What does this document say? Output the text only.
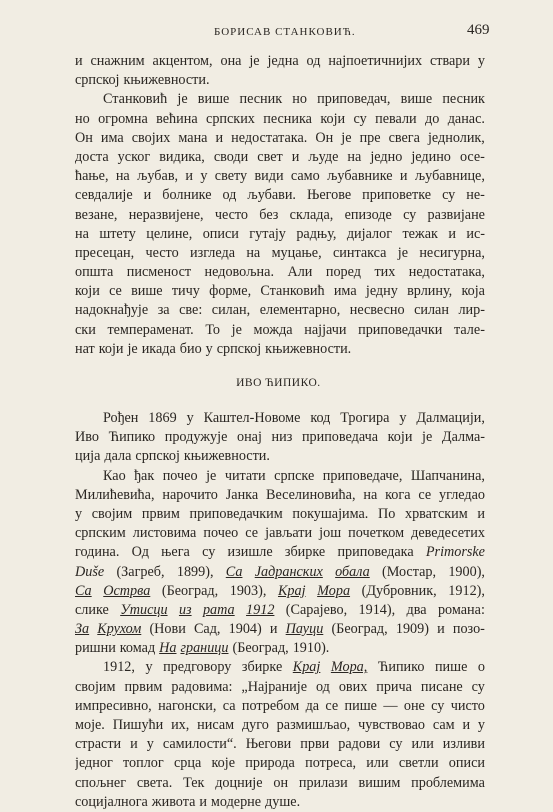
БОРИСАВ СТАНКОВИЋ.	469
и снажним акцентом, она је једна од најпоетичнијих ствари у
српској књижевности.
Станковић је више песник но приповедач, више песник
но огромна већина српских песника који су певали до данас.
Он има својих мана и недостатака. Он је пре свега једнолик,
доста уског видика, своди свет и људе на једно једино осе-
ћање, на љубав, и у свету види само љубавнике и љубавнице,
севдалије и болнике од љубави. Његове приповетке су не-
везане, неразвијене, често без склада, епизоде су развијане
на штету целине, описи гутају радњу, дијалог тежак и ис-
пресецан, често изгледа на муцање, синтакса је несигурна,
општа писменост недовољна. Али поред тих недостатака,
који се више тичу форме, Станковић има једну врлину, која
надокнађује за све: силан, елементарно, несвесно силан лир-
ски темпераменат. То је можда најјачи приповедачки тале-
нат који је икада био у српској књижевности.
ИВО ЋИПИКО.
Рођен 1869 у Каштел-Новоме код Трогира у Далмацији,
Иво Ћипико продужује онај низ приповедача који је Далма-
ција дала српској књижевности.
Као ђак почео је читати српске приповедаче, Шапчанина,
Милићевића, нарочито Јанка Веселиновића, на кога се угледао
у својим првим приповедачким покушајима. По хрватским и
српским листовима почео се јављати још почетком деведесетих
година. Од њега су изишле збирке приповедака Primorske
Duše (Загреб, 1899), Са Јадранских обала (Мостар, 1900),
Са Острва (Београд, 1903), Крај Мора (Дубровник, 1912),
слике Утисци из рата 1912 (Сарајево, 1914), два романа:
За Крухом (Нови Сад, 1904) и Пауци (Београд, 1909) и позо-
ришни комад На граници (Београд, 1910).
1912, у предговору збирке Крај Мора, Ћипико пише о
својим првим радовима: „Најраније од ових прича писане су
импресивно, нагонски, са потребом да се пише — оне су чисто
моје. Пишући их, нисам дуго размишљао, чувствовао сам и у
страсти и у самилости“. Његови први радови су или изливи
једног топлог срца које природа потреса, или светли описи
спољнег света. Тек доцније он прилази вишим проблемима
социјалнога живота и модерне душе.
